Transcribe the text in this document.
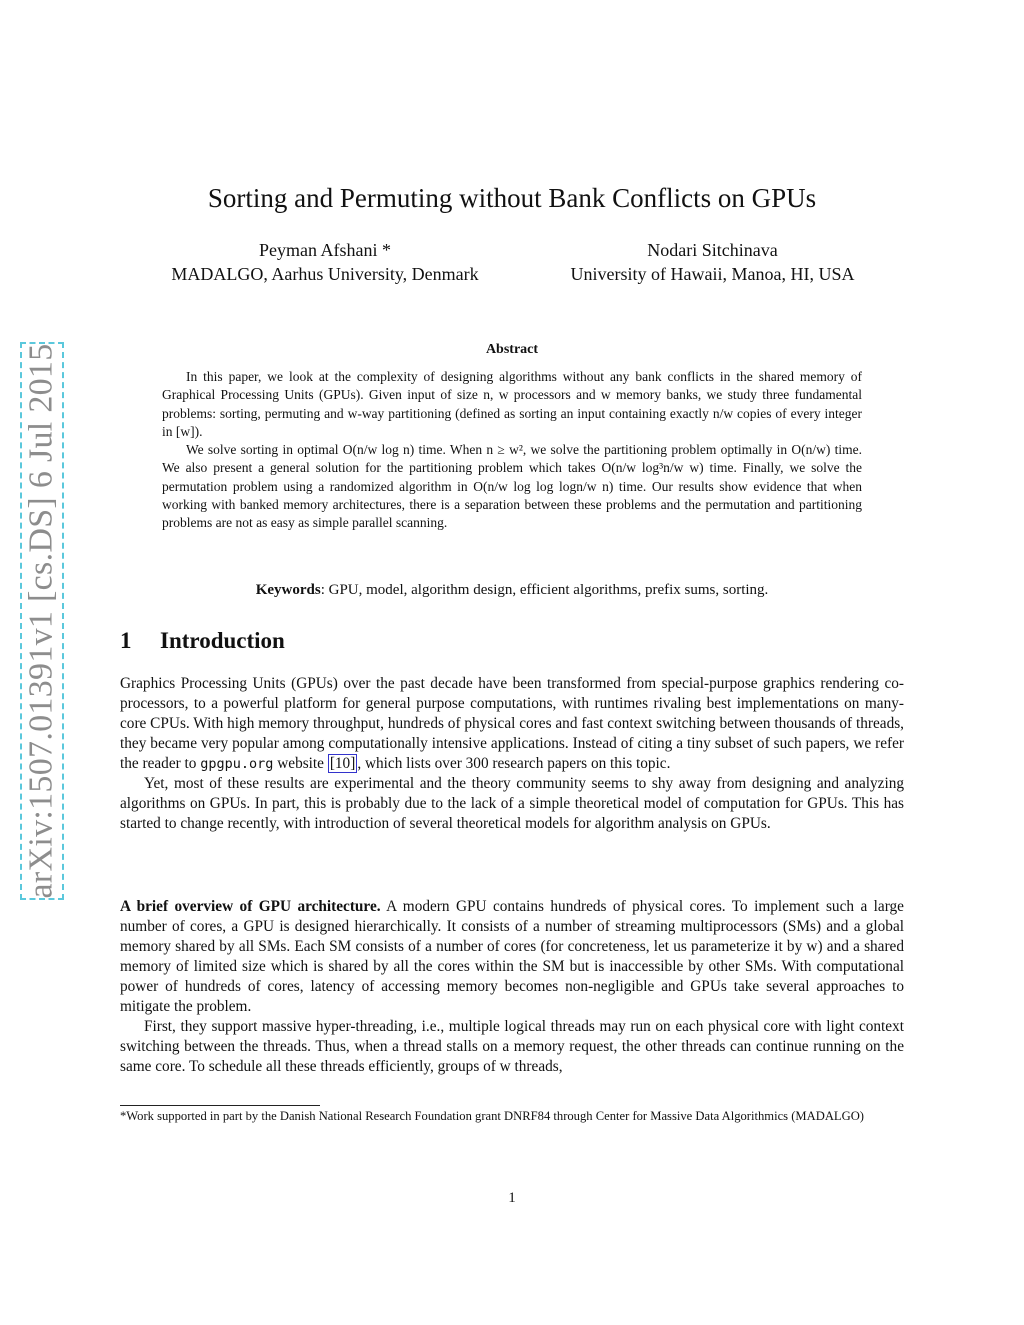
arXiv:1507.01391v1 [cs.DS] 6 Jul 2015
Sorting and Permuting without Bank Conflicts on GPUs
Peyman Afshani *
MADALGO, Aarhus University, Denmark
Nodari Sitchinava
University of Hawaii, Manoa, HI, USA
Abstract

In this paper, we look at the complexity of designing algorithms without any bank conflicts in the shared memory of Graphical Processing Units (GPUs). Given input of size n, w processors and w memory banks, we study three fundamental problems: sorting, permuting and w-way partitioning (defined as sorting an input containing exactly n/w copies of every integer in [w]).

We solve sorting in optimal O(n/w log n) time. When n ≥ w², we solve the partitioning problem optimally in O(n/w) time. We also present a general solution for the partitioning problem which takes O(n/w log³n/w w) time. Finally, we solve the permutation problem using a randomized algorithm in O(n/w log log logn/w n) time. Our results show evidence that when working with banked memory architectures, there is a separation between these problems and the permutation and partitioning problems are not as easy as simple parallel scanning.

Keywords: GPU, model, algorithm design, efficient algorithms, prefix sums, sorting.
1 Introduction

Graphics Processing Units (GPUs) over the past decade have been transformed from special-purpose graphics rendering co-processors, to a powerful platform for general purpose computations, with runtimes rivaling best implementations on many-core CPUs. With high memory throughput, hundreds of physical cores and fast context switching between thousands of threads, they became very popular among computationally intensive applications. Instead of citing a tiny subset of such papers, we refer the reader to gpgpu.org website [10] , which lists over 300 research papers on this topic.

Yet, most of these results are experimental and the theory community seems to shy away from designing and analyzing algorithms on GPUs. In part, this is probably due to the lack of a simple theoretical model of computation for GPUs. This has started to change recently, with introduction of several theoretical models for algorithm analysis on GPUs.

A brief overview of GPU architecture. A modern GPU contains hundreds of physical cores. To implement such a large number of cores, a GPU is designed hierarchically. It consists of a number of streaming multiprocessors (SMs) and a global memory shared by all SMs. Each SM consists of a number of cores (for concreteness, let us parameterize it by w) and a shared memory of limited size which is shared by all the cores within the SM but is inaccessible by other SMs. With computational power of hundreds of cores, latency of accessing memory becomes non-negligible and GPUs take several approaches to mitigate the problem.

First, they support massive hyper-threading, i.e., multiple logical threads may run on each physical core with light context switching between the threads. Thus, when a thread stalls on a memory request, the other threads can continue running on the same core. To schedule all these threads efficiently, groups of w threads,

*Work supported in part by the Danish National Research Foundation grant DNRF84 through Center for Massive Data Algorithmics (MADALGO)
1
